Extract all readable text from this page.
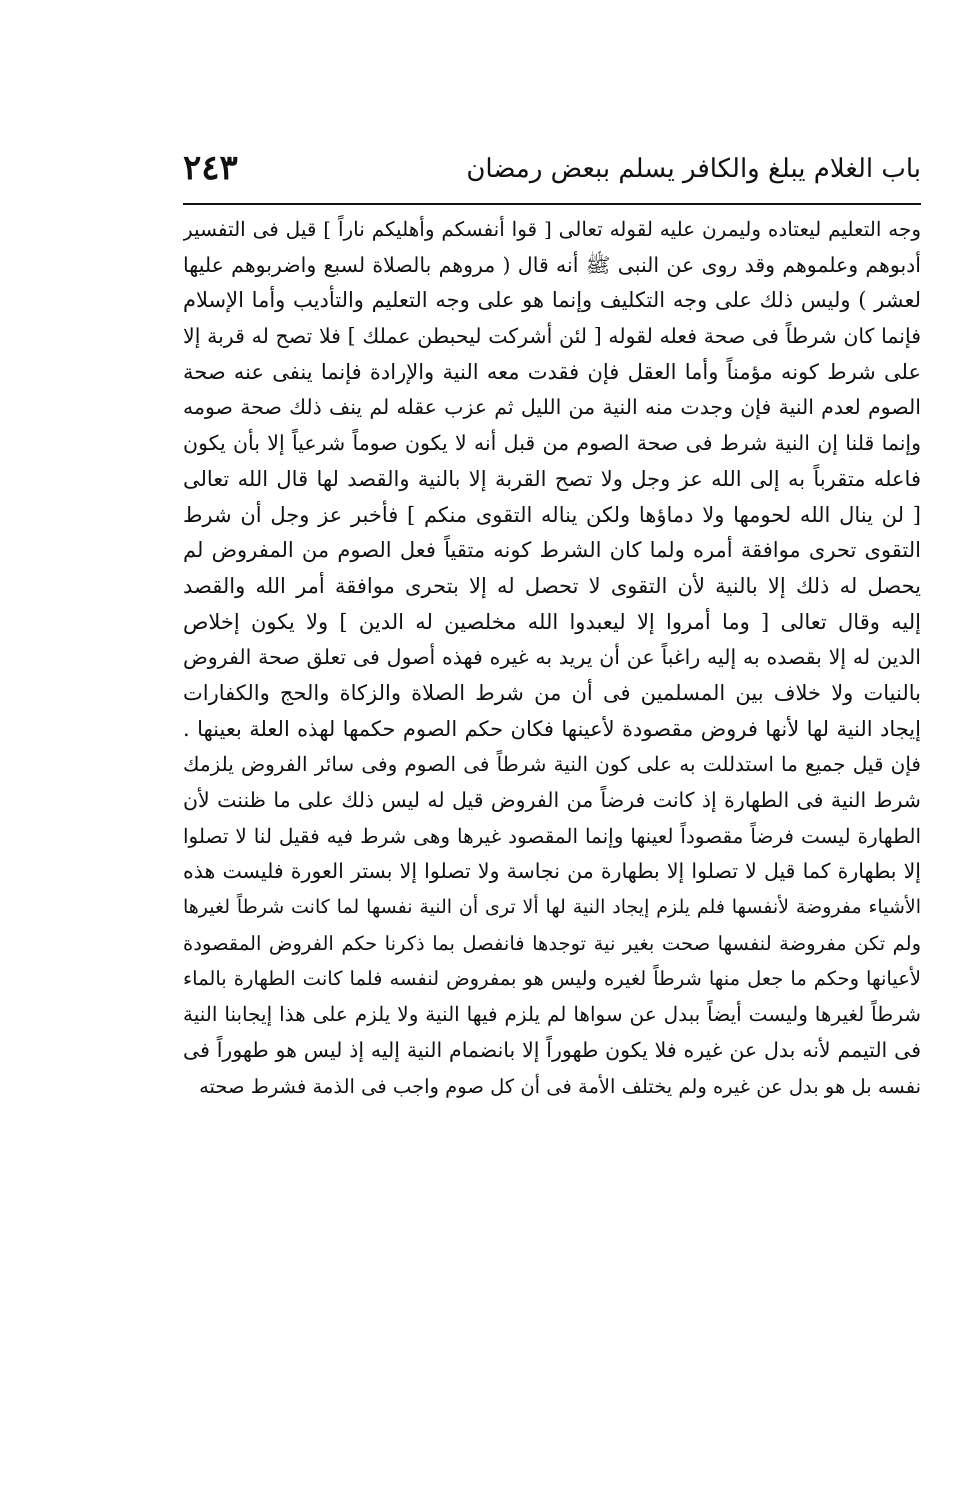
باب الغلام يبلغ والكافر يسلم ببعض رمضان
٢٤٣
وجه التعليم ليعتاده وليمرن عليه لقوله تعالى [ قوا أنفسكم وأهليكم ناراً ] قيل فى التفسير
أدبوهم وعلموهم وقد روى عن النبى ﷺ أنه قال ( مروهم بالصلاة لسبع واضربوهم عليها
لعشر ) وليس ذلك على وجه التكليف وإنما هو على وجه التعليم والتأديب وأما الإسلام
فإنما كان شرطاً فى صحة فعله لقوله [ لئن أشركت ليحبطن عملك ] فلا تصح له قربة إلا
على شرط كونه مؤمناً وأما العقل فإن فقدت معه النية والإرادة فإنما ينفى عنه صحة
الصوم لعدم النية فإن وجدت منه النية من الليل ثم عزب عقله لم ينف ذلك صحة صومه
وإنما قلنا إن النية شرط فى صحة الصوم من قبل أنه لا يكون صوماً شرعياً إلا بأن يكون
فاعله متقرباً به إلى الله عز وجل ولا تصح القربة إلا بالنية والقصد لها قال الله تعالى
[ لن ينال الله لحومها ولا دماؤها ولكن يناله التقوى منكم ] فأخبر عز وجل أن شرط
التقوى تحرى موافقة أمره ولما كان الشرط كونه متقياً فعل الصوم من المفروض لم
يحصل له ذلك إلا بالنية لأن التقوى لا تحصل له إلا بتحرى موافقة أمر الله والقصد
إليه وقال تعالى [ وما أمروا إلا ليعبدوا الله مخلصين له الدين ] ولا يكون إخلاص
الدين له إلا بقصده به إليه راغباً عن أن يريد به غيره فهذه أصول فى تعلق صحة الفروض
بالنيات ولا خلاف بين المسلمين فى أن من شرط الصلاة والزكاة والحج والكفارات
إيجاد النية لها لأنها فروض مقصودة لأعينها فكان حكم الصوم حكمها لهذه العلة بعينها .
فإن قيل جميع ما استدللت به على كون النية شرطاً فى الصوم وفى سائر الفروض يلزمك
شرط النية فى الطهارة إذ كانت فرضاً من الفروض قيل له ليس ذلك على ما ظننت لأن
الطهارة ليست فرضاً مقصوداً لعينها وإنما المقصود غيرها وهى شرط فيه فقيل لنا لا تصلوا
إلا بطهارة كما قيل لا تصلوا إلا بطهارة من نجاسة ولا تصلوا إلا بستر العورة فليست هذه
الأشياء مفروضة لأنفسها فلم يلزم إيجاد النية لها ألا ترى أن النية نفسها لما كانت شرطاً لغيرها
ولم تكن مفروضة لنفسها صحت بغير نية توجدها فانفصل بما ذكرنا حكم الفروض المقصودة
لأعيانها وحكم ما جعل منها شرطاً لغيره وليس هو بمفروض لنفسه فلما كانت الطهارة بالماء
شرطاً لغيرها وليست أيضاً ببدل عن سواها لم يلزم فيها النية ولا يلزم على هذا إيجابنا النية
فى التيمم لأنه بدل عن غيره فلا يكون طهوراً إلا بانضمام النية إليه إذ ليس هو طهوراً فى
نفسه بل هو بدل عن غيره ولم يختلف الأمة فى أن كل صوم واجب فى الذمة فشرط صحته
